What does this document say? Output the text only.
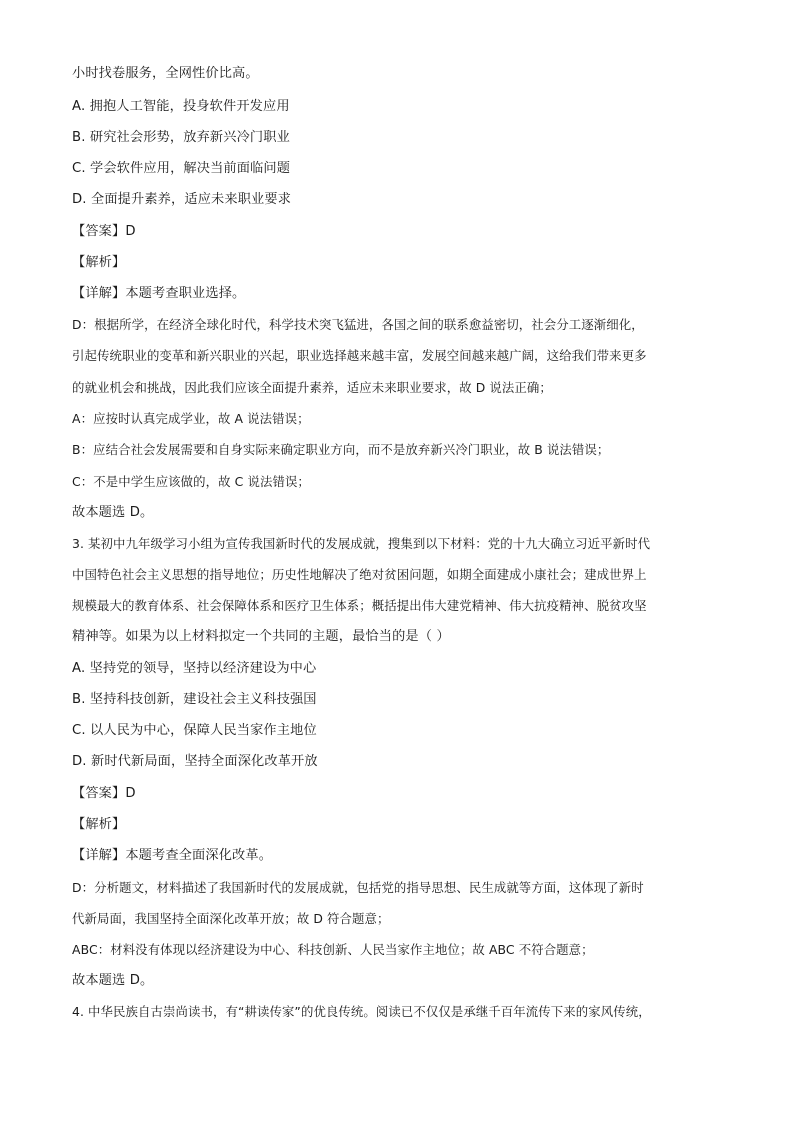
小时找卷服务，全网性价比高。
A. 拥抱人工智能，投身软件开发应用
B. 研究社会形势，放弃新兴冷门职业
C. 学会软件应用，解决当前面临问题
D. 全面提升素养，适应未来职业要求
【答案】D
【解析】
【详解】本题考查职业选择。
D：根据所学，在经济全球化时代，科学技术突飞猛进，各国之间的联系愈益密切，社会分工逐渐细化，
引起传统职业的变革和新兴职业的兴起，职业选择越来越丰富，发展空间越来越广阔，这给我们带来更多
的就业机会和挑战，因此我们应该全面提升素养，适应未来职业要求，故 D 说法正确；
A：应按时认真完成学业，故 A 说法错误；
B：应结合社会发展需要和自身实际来确定职业方向，而不是放弃新兴冷门职业，故 B 说法错误；
C：不是中学生应该做的，故 C 说法错误；
故本题选 D。
3. 某初中九年级学习小组为宣传我国新时代的发展成就，搜集到以下材料：党的十九大确立习近平新时代
中国特色社会主义思想的指导地位；历史性地解决了绝对贫困问题，如期全面建成小康社会；建成世界上
规模最大的教育体系、社会保障体系和医疗卫生体系；概括提出伟大建党精神、伟大抗疫精神、脱贫攻坚
精神等。如果为以上材料拟定一个共同的主题，最恰当的是（ ）
A. 坚持党的领导，坚持以经济建设为中心
B. 坚持科技创新，建设社会主义科技强国
C. 以人民为中心，保障人民当家作主地位
D. 新时代新局面，坚持全面深化改革开放
【答案】D
【解析】
【详解】本题考查全面深化改革。
D：分析题文，材料描述了我国新时代的发展成就，包括党的指导思想、民生成就等方面，这体现了新时
代新局面，我国坚持全面深化改革开放；故 D 符合题意；
ABC：材料没有体现以经济建设为中心、科技创新、人民当家作主地位；故 ABC 不符合题意；
故本题选 D。
4. 中华民族自古崇尚读书，有“耕读传家”的优良传统。阅读已不仅仅是承继千百年流传下来的家风传统，
